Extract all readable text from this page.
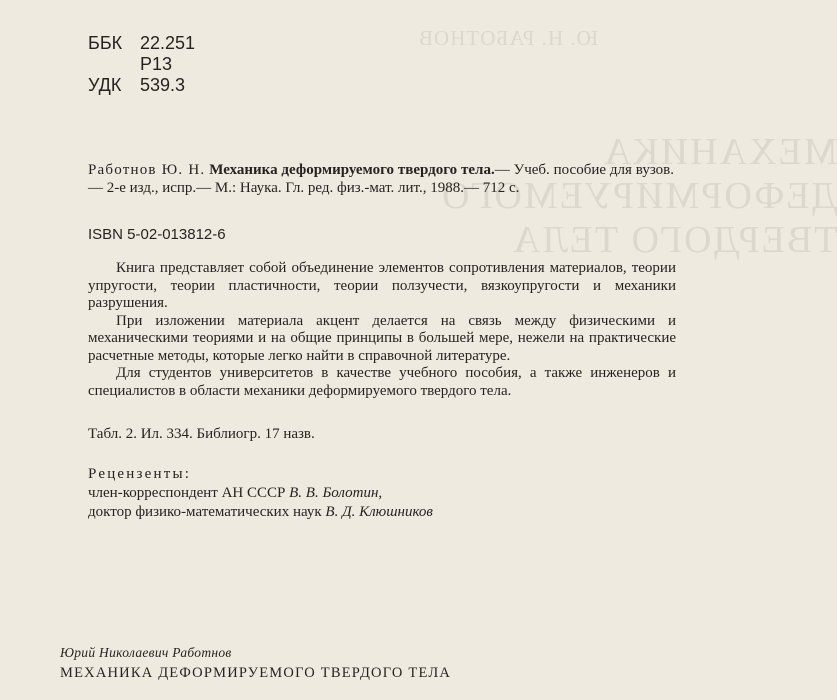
Ю. Н. РАБОТНОВ
МЕХАНИКА
ДЕФОРМИРУЕМОГО
ТВЕРДОГО ТЕЛА
ББК 22.251
Р13
УДК 539.3
Работнов Ю. Н. Механика деформируемого твердого тела.— Учеб. пособие для вузов.— 2-е изд., испр.— М.: Наука. Гл. ред. физ.-мат. лит., 1988.— 712 с.
ISBN 5-02-013812-6

Книга представляет собой объединение элементов сопротивления материалов, теории упругости, теории пластичности, теории ползучести, вязкоупругости и механики разрушения.

При изложении материала акцент делается на связь между физическими и механическими теориями и на общие принципы в большей мере, нежели на практические расчетные методы, которые легко найти в справочной литературе.

Для студентов университетов в качестве учебного пособия, а также инженеров и специалистов в области механики деформируемого твердого тела.

Табл. 2. Ил. 334. Библиогр. 17 назв.
Рецензенты:
член-корреспондент АН СССР В. В. Болотин,
доктор физико-математических наук В. Д. Клюшников
Юрий Николаевич Работнов
МЕХАНИКА ДЕФОРМИРУЕМОГО ТВЕРДОГО ТЕЛА
